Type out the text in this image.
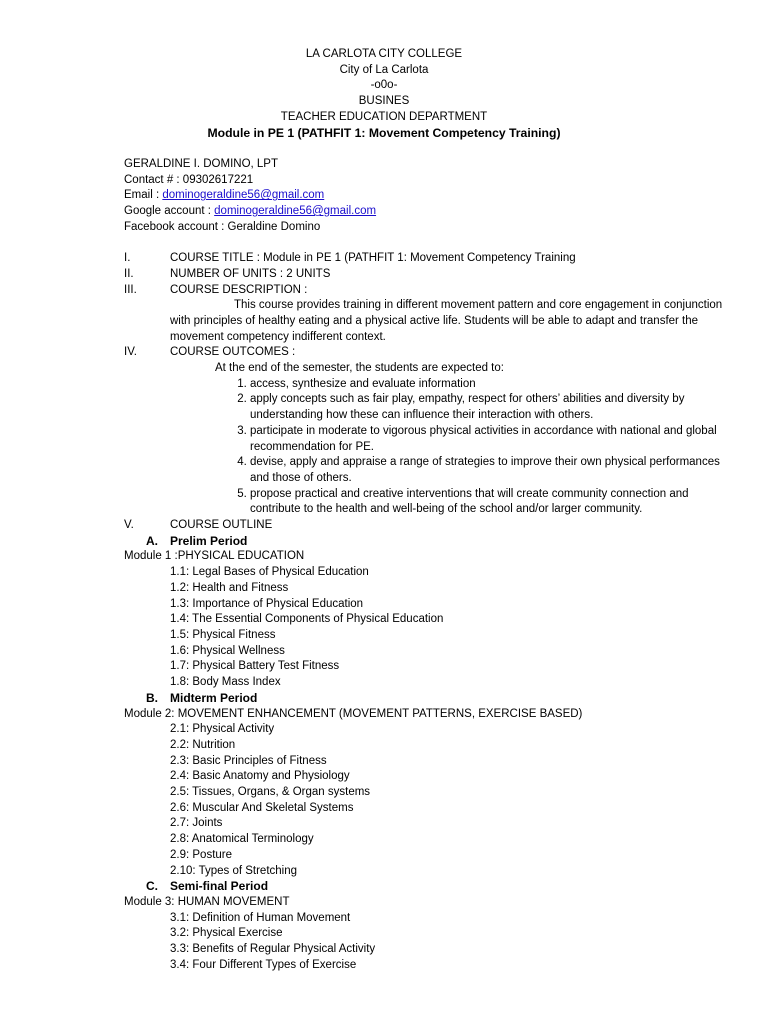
LA CARLOTA CITY COLLEGE
City of La Carlota
-o0o-
BUSINES
TEACHER EDUCATION DEPARTMENT
Module in PE 1 (PATHFIT 1: Movement Competency Training)
GERALDINE I. DOMINO, LPT
Contact # : 09302617221
Email : dominogeraldine56@gmail.com
Google account : dominogeraldine56@gmail.com
Facebook account : Geraldine Domino
I.	COURSE TITLE : Module in PE 1 (PATHFIT 1: Movement Competency Training
II.	NUMBER OF UNITS : 2 UNITS
III.	COURSE DESCRIPTION :
This course provides training in different movement pattern and core engagement in conjunction with principles of healthy eating and a physical active life. Students will be able to adapt and transfer the movement competency indifferent context.
IV.	COURSE OUTCOMES :
At the end of the semester, the students are expected to:
1. access, synthesize and evaluate information
2. apply concepts such as fair play, empathy, respect for others’ abilities and diversity by understanding how these can influence their interaction with others.
3. participate in moderate to vigorous physical activities in accordance with national and global recommendation for PE.
4. devise, apply and appraise a range of strategies to improve their own physical performances and those of others.
5. propose practical and creative interventions that will create community connection and contribute to the health and well-being of the school and/or larger community.
V.	COURSE OUTLINE
A. Prelim Period
Module 1 :PHYSICAL EDUCATION
1.1: Legal Bases of Physical Education
1.2: Health and Fitness
1.3: Importance of Physical Education
1.4: The Essential Components of Physical Education
1.5: Physical Fitness
1.6: Physical Wellness
1.7: Physical Battery Test Fitness
1.8: Body Mass Index
B. Midterm Period
Module 2: MOVEMENT ENHANCEMENT (MOVEMENT PATTERNS, EXERCISE BASED)
2.1: Physical Activity
2.2: Nutrition
2.3: Basic Principles of Fitness
2.4: Basic Anatomy and Physiology
2.5: Tissues, Organs, & Organ systems
2.6: Muscular And Skeletal Systems
2.7: Joints
2.8: Anatomical Terminology
2.9: Posture
2.10: Types of Stretching
C. Semi-final Period
Module 3: HUMAN MOVEMENT
3.1: Definition of Human Movement
3.2: Physical Exercise
3.3: Benefits of Regular Physical Activity
3.4: Four Different Types of Exercise
